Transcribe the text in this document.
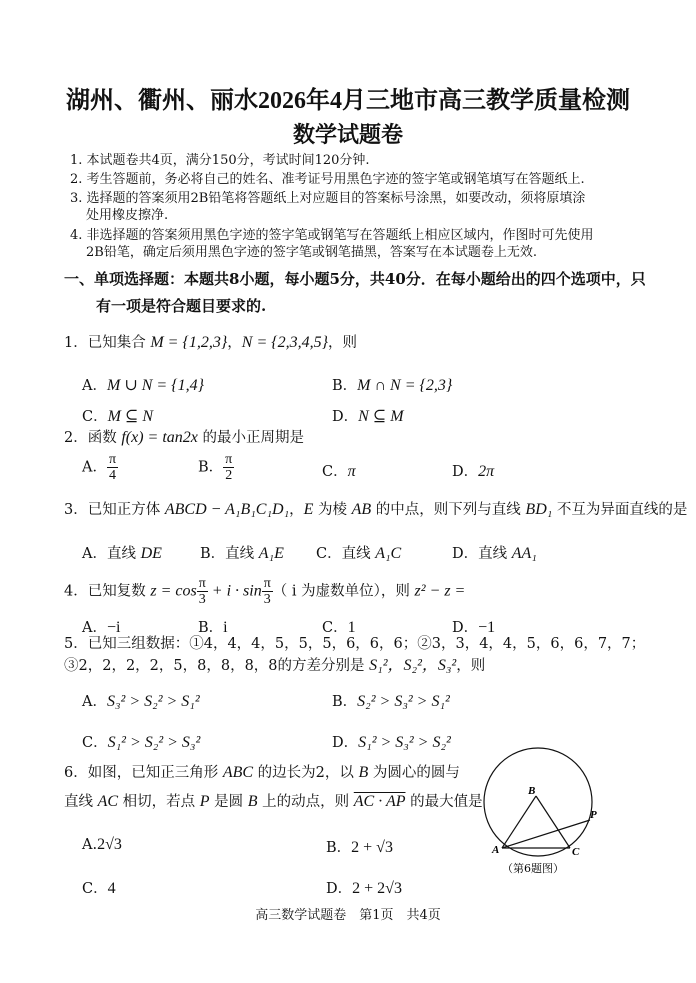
湖州、衢州、丽水2026年4月三地市高三教学质量检测
数学试题卷
1. 本试题卷共4页，满分150分，考试时间120分钟.
2. 考生答题前，务必将自己的姓名、准考证号用黑色字迹的签字笔或钢笔填写在答题纸上.
3. 选择题的答案须用2B铅笔将答题纸上对应题目的答案标号涂黑，如要改动，须将原填涂
处用橡皮擦净.
4. 非选择题的答案须用黑色字迹的签字笔或钢笔写在答题纸上相应区域内，作图时可先使用
2B铅笔，确定后须用黑色字迹的签字笔或钢笔描黑，答案写在本试题卷上无效.
一、单项选择题：本题共8小题，每小题5分，共40分．在每小题给出的四个选项中，只
有一项是符合题目要求的.
1．已知集合 M = {1,2,3}，N = {2,3,4,5}，则
A．M ∪ N = {1,4}	B．M ∩ N = {2,3}
C．M ⊆ N	D．N ⊆ M
2．函数 f(x) = tan2x 的最小正周期是
A． $\frac{\pi}{4}$	B． $\frac{\pi}{2}$	C．π	D．2π
3．已知正方体 ABCD − A₁B₁C₁D₁，E 为棱 AB 的中点，则下列与直线 BD₁ 不互为异面直线的是
A．直线 DE	B．直线 A₁E C．直线 A₁C	D．直线 AA₁
4．已知复数 $z = \cos \frac{\pi}{3} + i \cdot \sin \frac{\pi}{3}$ （ i 为虚数单位），则 z² − z =
A．−i	B．i	C．1	D．−1
5．已知三组数据：①4，4，4，5，5，5，6，6，6；②3，3，4，4，5，6，6，7，7；
③2，2，2，2，5，8，8，8，8的方差分别是 S₁²，S₂²，S₃²，则
A．S₃² > S₂² > S₁²	B．S₂² > S₃² > S₁²
C．S₁² > S₂² > S₃²	D．S₁² > S₃² > S₂²
6．如图，已知正三角形 ABC 的边长为2，以 B 为圆心的圆与
直线 AC 相切，若点 P 是圆 B 上的动点，则 AC · AP 的最大值是
A.2√3	B．2 + √3
C．4	D．2 + 2√3
B
A	C
P
（第6题图）
高三数学试题卷　第1页　共4页
